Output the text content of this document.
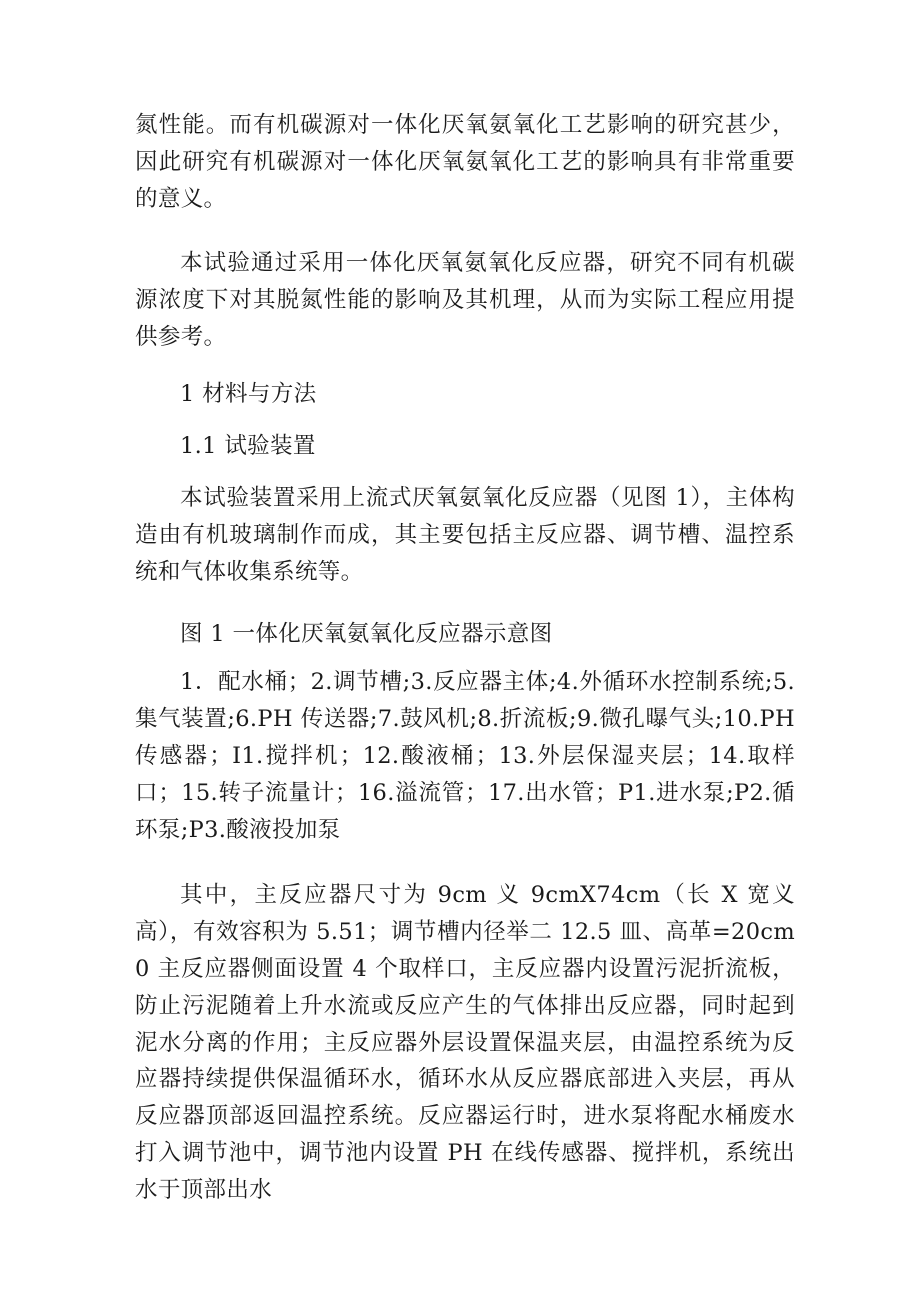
氮性能。而有机碳源对一体化厌氧氨氧化工艺影响的研究甚少，因此研究有机碳源对一体化厌氧氨氧化工艺的影响具有非常重要的意义。

本试验通过采用一体化厌氧氨氧化反应器，研究不同有机碳源浓度下对其脱氮性能的影响及其机理，从而为实际工程应用提供参考。

1 材料与方法

1.1 试验装置

本试验装置采用上流式厌氧氨氧化反应器（见图 1），主体构造由有机玻璃制作而成，其主要包括主反应器、调节槽、温控系统和气体收集系统等。

图 1 一体化厌氧氨氧化反应器示意图

1．配水桶；2.调节槽;3.反应器主体;4.外循环水控制系统;5.集气装置;6.PH 传送器;7.鼓风机;8.折流板;9.微孔曝气头;10.PH 传感器；I1.搅拌机；12.酸液桶；13.外层保湿夹层；14.取样口；15.转子流量计；16.溢流管；17.出水管；P1.进水泵;P2.循环泵;P3.酸液投加泵

其中，主反应器尺寸为 9cm 义 9cmX74cm（长 X 宽义高），有效容积为 5.51；调节槽内径举二 12.5 皿、高革=20cm0 主反应器侧面设置 4 个取样口，主反应器内设置污泥折流板，防止污泥随着上升水流或反应产生的气体排出反应器，同时起到泥水分离的作用；主反应器外层设置保温夹层，由温控系统为反应器持续提供保温循环水，循环水从反应器底部进入夹层，再从反应器顶部返回温控系统。反应器运行时，进水泵将配水桶废水打入调节池中，调节池内设置 PH 在线传感器、搅拌机，系统出水于顶部出水
